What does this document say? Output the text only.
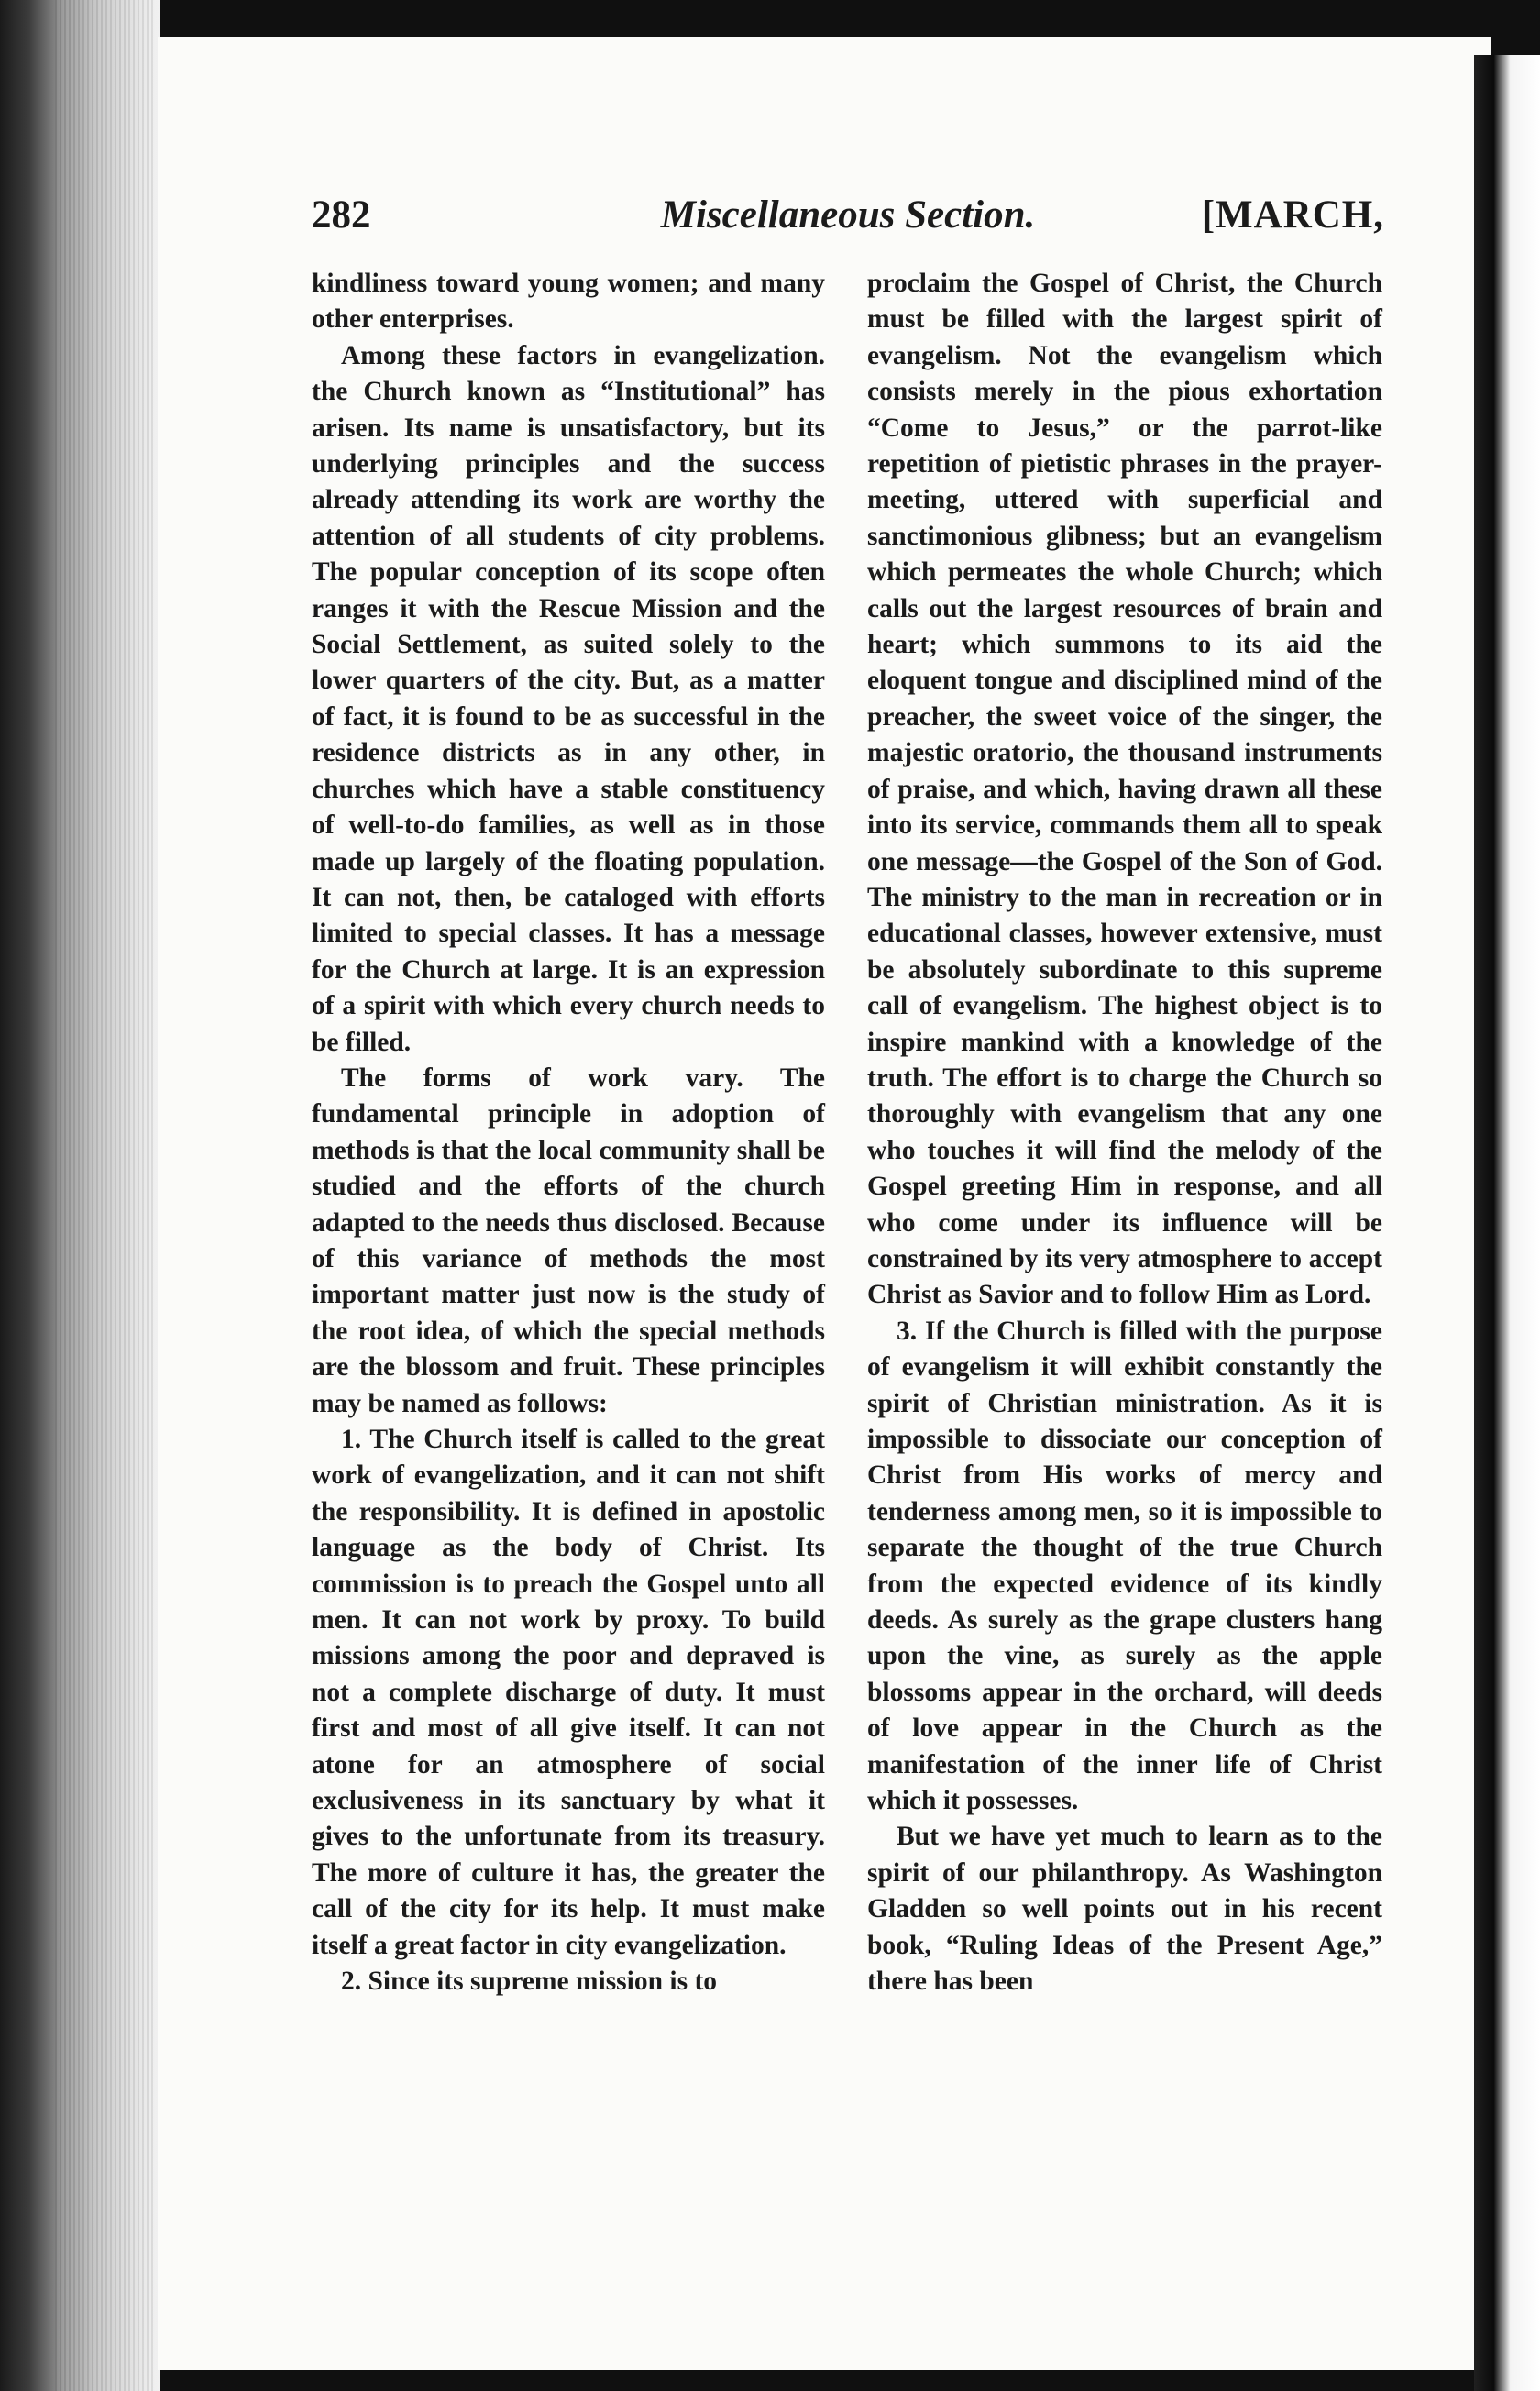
282	Miscellaneous Section.	[MARCH,

kindliness toward young women; and many other enterprises.

Among these factors in evangelization. the Church known as “Institutional” has arisen. Its name is unsatisfactory, but its underlying principles and the success already attending its work are worthy the attention of all students of city problems. The popular conception of its scope often ranges it with the Rescue Mission and the Social Settlement, as suited solely to the lower quarters of the city. But, as a matter of fact, it is found to be as successful in the residence districts as in any other, in churches which have a stable constituency of well-to-do families, as well as in those made up largely of the floating population. It can not, then, be cataloged with efforts limited to special classes. It has a message for the Church at large. It is an expression of a spirit with which every church needs to be filled.

The forms of work vary. The fundamental principle in adoption of methods is that the local community shall be studied and the efforts of the church adapted to the needs thus disclosed. Because of this variance of methods the most important matter just now is the study of the root idea, of which the special methods are the blossom and fruit. These principles may be named as follows:

1. The Church itself is called to the great work of evangelization, and it can not shift the responsibility. It is defined in apostolic language as the body of Christ. Its commission is to preach the Gospel unto all men. It can not work by proxy. To build missions among the poor and depraved is not a complete discharge of duty. It must first and most of all give itself. It can not atone for an atmosphere of social exclusiveness in its sanctuary by what it gives to the unfortunate from its treasury. The more of culture it has, the greater the call of the city for its help. It must make itself a great factor in city evangelization.

2. Since its supreme mission is to

proclaim the Gospel of Christ, the Church must be filled with the largest spirit of evangelism. Not the evangelism which consists merely in the pious exhortation “Come to Jesus,” or the parrot-like repetition of pietistic phrases in the prayer-meeting, uttered with superficial and sanctimonious glibness; but an evangelism which permeates the whole Church; which calls out the largest resources of brain and heart; which summons to its aid the eloquent tongue and disciplined mind of the preacher, the sweet voice of the singer, the majestic oratorio, the thousand instruments of praise, and which, having drawn all these into its service, commands them all to speak one message—the Gospel of the Son of God. The ministry to the man in recreation or in educational classes, however extensive, must be absolutely subordinate to this supreme call of evangelism. The highest object is to inspire mankind with a knowledge of the truth. The effort is to charge the Church so thoroughly with evangelism that any one who touches it will find the melody of the Gospel greeting Him in response, and all who come under its influence will be constrained by its very atmosphere to accept Christ as Savior and to follow Him as Lord.

3. If the Church is filled with the purpose of evangelism it will exhibit constantly the spirit of Christian ministration. As it is impossible to dissociate our conception of Christ from His works of mercy and tenderness among men, so it is impossible to separate the thought of the true Church from the expected evidence of its kindly deeds. As surely as the grape clusters hang upon the vine, as surely as the apple blossoms appear in the orchard, will deeds of love appear in the Church as the manifestation of the inner life of Christ which it possesses.

But we have yet much to learn as to the spirit of our philanthropy. As Washington Gladden so well points out in his recent book, “Ruling Ideas of the Present Age,” there has been
